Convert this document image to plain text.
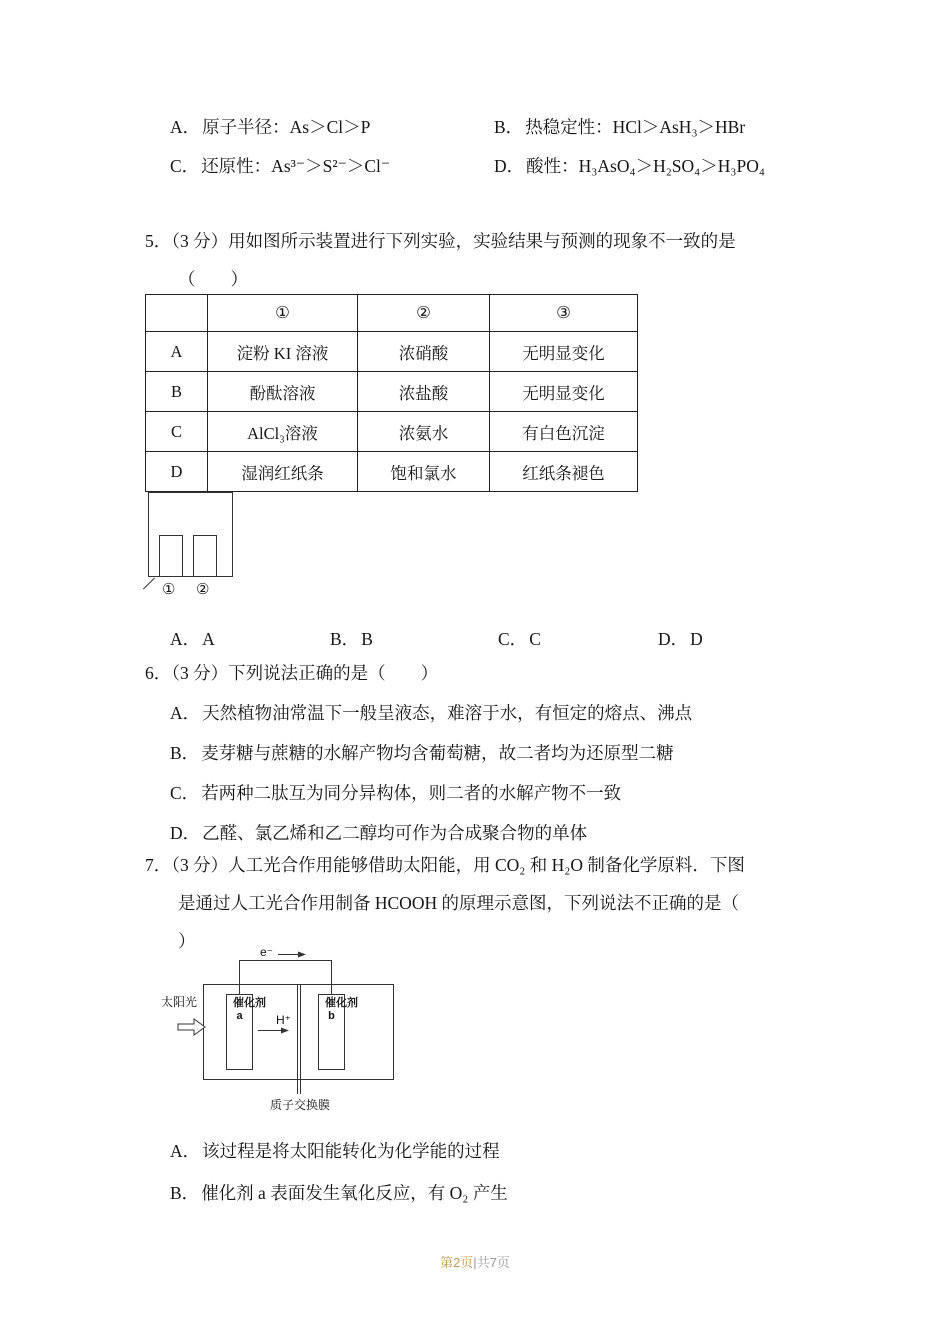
A． 原子半径：As＞Cl＞P	B． 热稳定性：HCl＞AsH₃＞HBr
C． 还原性：As³⁻＞S²⁻＞Cl⁻	D． 酸性：H₃AsO₄＞H₂SO₄＞H₃PO₄
5．（3 分）用如图所示装置进行下列实验，实验结果与预测的现象不一致的是
（　　）
	①	②	③
A	淀粉 KI 溶液	浓硝酸	无明显变化
B	酚酞溶液	浓盐酸	无明显变化
C	AlCl₃溶液	浓氨水	有白色沉淀
D	湿润红纸条	饱和氯水	红纸条褪色
① ②
A． A	B． B	C． C	D． D
6．（3 分）下列说法正确的是（　　）
A． 天然植物油常温下一般呈液态，难溶于水，有恒定的熔点、沸点
B． 麦芽糖与蔗糖的水解产物均含葡萄糖，故二者均为还原型二糖
C． 若两种二肽互为同分异构体，则二者的水解产物不一致
D． 乙醛、氯乙烯和乙二醇均可作为合成聚合物的单体
7．（3 分）人工光合作用能够借助太阳能，用 CO₂ 和 H₂O 制备化学原料．下图
是通过人工光合作用制备 HCOOH 的原理示意图，下列说法不正确的是（
）
e⁻
H⁺
催化剂
a
催化剂
b
太阳光
质子交换膜
A． 该过程是将太阳能转化为化学能的过程
B． 催化剂 a 表面发生氧化反应，有 O₂ 产生
第2页|共7页
